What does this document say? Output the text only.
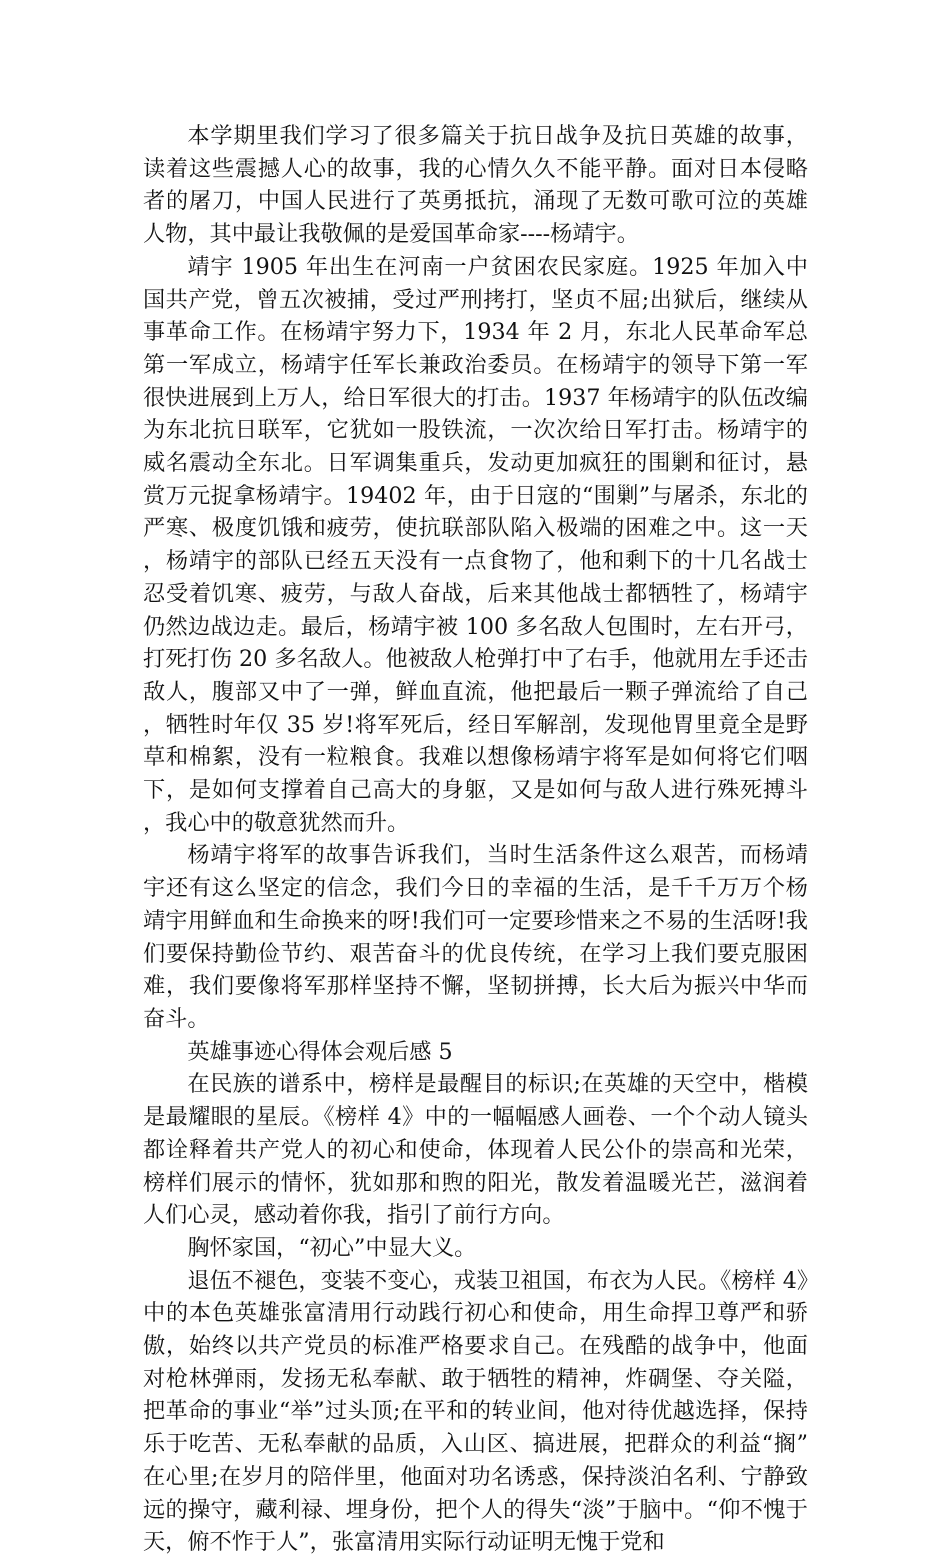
本学期里我们学习了很多篇关于抗日战争及抗日英雄的故事，读着这些震撼人心的故事，我的心情久久不能平静。面对日本侵略者的屠刀，中国人民进行了英勇抵抗，涌现了无数可歌可泣的英雄人物，其中最让我敬佩的是爱国革命家----杨靖宇。

靖宇 1905 年出生在河南一户贫困农民家庭。1925 年加入中国共产党，曾五次被捕，受过严刑拷打，坚贞不屈;出狱后，继续从事革命工作。在杨靖宇努力下，1934 年 2 月，东北人民革命军总第一军成立，杨靖宇任军长兼政治委员。在杨靖宇的领导下第一军很快进展到上万人，给日军很大的打击。1937 年杨靖宇的队伍改编为东北抗日联军，它犹如一股铁流，一次次给日军打击。杨靖宇的威名震动全东北。日军调集重兵，发动更加疯狂的围剿和征讨，悬赏万元捉拿杨靖宇。19402 年，由于日寇的“围剿”与屠杀，东北的严寒、极度饥饿和疲劳，使抗联部队陷入极端的困难之中。这一天，杨靖宇的部队已经五天没有一点食物了，他和剩下的十几名战士忍受着饥寒、疲劳，与敌人奋战，后来其他战士都牺牲了，杨靖宇仍然边战边走。最后，杨靖宇被 100 多名敌人包围时，左右开弓，打死打伤 20 多名敌人。他被敌人枪弹打中了右手，他就用左手还击敌人，腹部又中了一弹，鲜血直流，他把最后一颗子弹流给了自己，牺牲时年仅 35 岁!将军死后，经日军解剖，发现他胃里竟全是野草和棉絮，没有一粒粮食。我难以想像杨靖宇将军是如何将它们咽下，是如何支撑着自己高大的身躯，又是如何与敌人进行殊死搏斗，我心中的敬意犹然而升。

杨靖宇将军的故事告诉我们，当时生活条件这么艰苦，而杨靖宇还有这么坚定的信念，我们今日的幸福的生活，是千千万万个杨靖宇用鲜血和生命换来的呀!我们可一定要珍惜来之不易的生活呀!我们要保持勤俭节约、艰苦奋斗的优良传统，在学习上我们要克服困难，我们要像将军那样坚持不懈，坚韧拼搏，长大后为振兴中华而奋斗。

英雄事迹心得体会观后感 5

在民族的谱系中，榜样是最醒目的标识;在英雄的天空中，楷模是最耀眼的星辰。《榜样 4》中的一幅幅感人画卷、一个个动人镜头都诠释着共产党人的初心和使命，体现着人民公仆的崇高和光荣，榜样们展示的情怀，犹如那和煦的阳光，散发着温暖光芒，滋润着人们心灵，感动着你我，指引了前行方向。

胸怀家国，“初心”中显大义。

退伍不褪色，变装不变心，戎装卫祖国，布衣为人民。《榜样 4》中的本色英雄张富清用行动践行初心和使命，用生命捍卫尊严和骄傲，始终以共产党员的标准严格要求自己。在残酷的战争中，他面对枪林弹雨，发扬无私奉献、敢于牺牲的精神，炸碉堡、夺关隘，把革命的事业“举”过头顶;在平和的转业间，他对待优越选择，保持乐于吃苦、无私奉献的品质，入山区、搞进展，把群众的利益“搁”在心里;在岁月的陪伴里，他面对功名诱惑，保持淡泊名利、宁静致远的操守，藏利禄、埋身份，把个人的得失“淡”于脑中。“仰不愧于天，俯不怍于人”，张富清用实际行动证明无愧于党和
